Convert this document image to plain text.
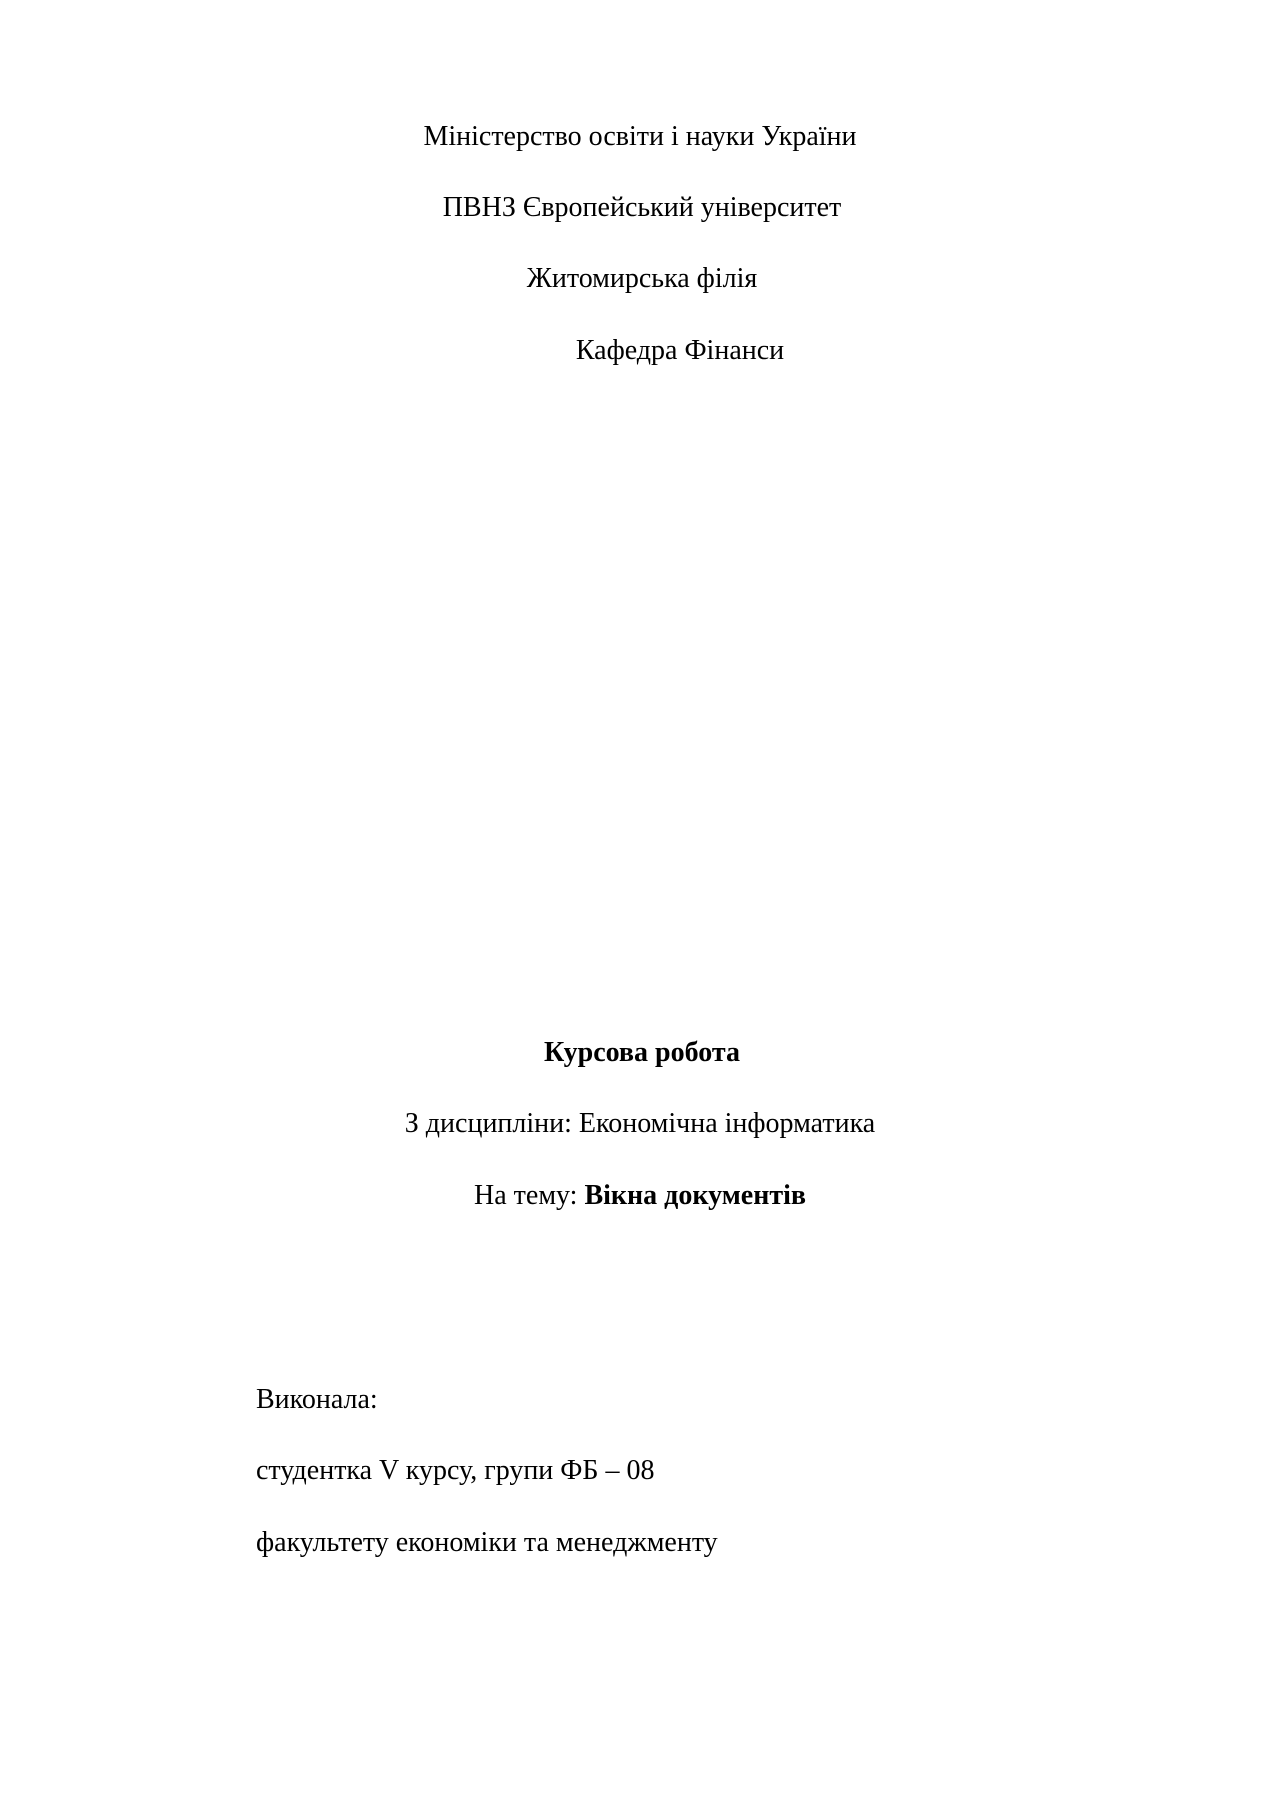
Міністерство освіти і науки України
ПВНЗ Європейський університет
Житомирська філія
Кафедра Фінанси
Курсова робота
З дисципліни: Економічна інформатика
На тему: Вікна документів
Виконала:
студентка V курсу, групи ФБ – 08
факультету економіки та менеджменту
